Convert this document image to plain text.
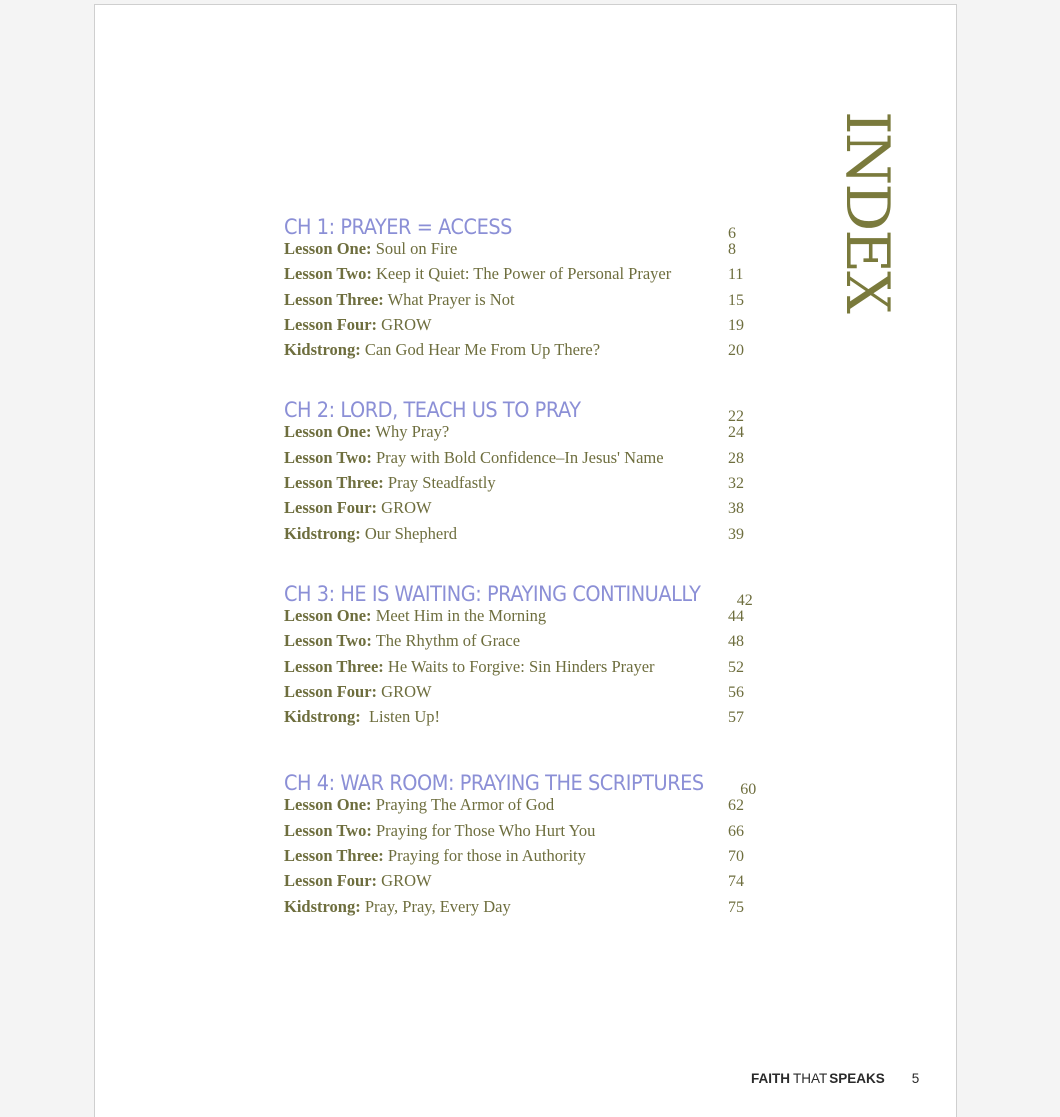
INDEX
CH 1: PRAYER = ACCESS	6
Lesson One: Soul on Fire	8
Lesson Two: Keep it Quiet: The Power of Personal Prayer	11
Lesson Three: What Prayer is Not	15
Lesson Four: GROW	19
Kidstrong: Can God Hear Me From Up There?	20
CH 2: LORD, TEACH US TO PRAY	22
Lesson One: Why Pray?	24
Lesson Two: Pray with Bold Confidence–In Jesus' Name	28
Lesson Three: Pray Steadfastly	32
Lesson Four: GROW	38
Kidstrong: Our Shepherd	39
CH 3: HE IS WAITING: PRAYING CONTINUALLY 42
Lesson One: Meet Him in the Morning	44
Lesson Two: The Rhythm of Grace	48
Lesson Three: He Waits to Forgive: Sin Hinders Prayer	52
Lesson Four: GROW	56
Kidstrong:  Listen Up!	57
CH 4: WAR ROOM: PRAYING THE SCRIPTURES 60
Lesson One: Praying The Armor of God	62
Lesson Two: Praying for Those Who Hurt You	66
Lesson Three: Praying for those in Authority	70
Lesson Four: GROW	74
Kidstrong: Pray, Pray, Every Day	75
FAITH THAT SPEAKS 5
